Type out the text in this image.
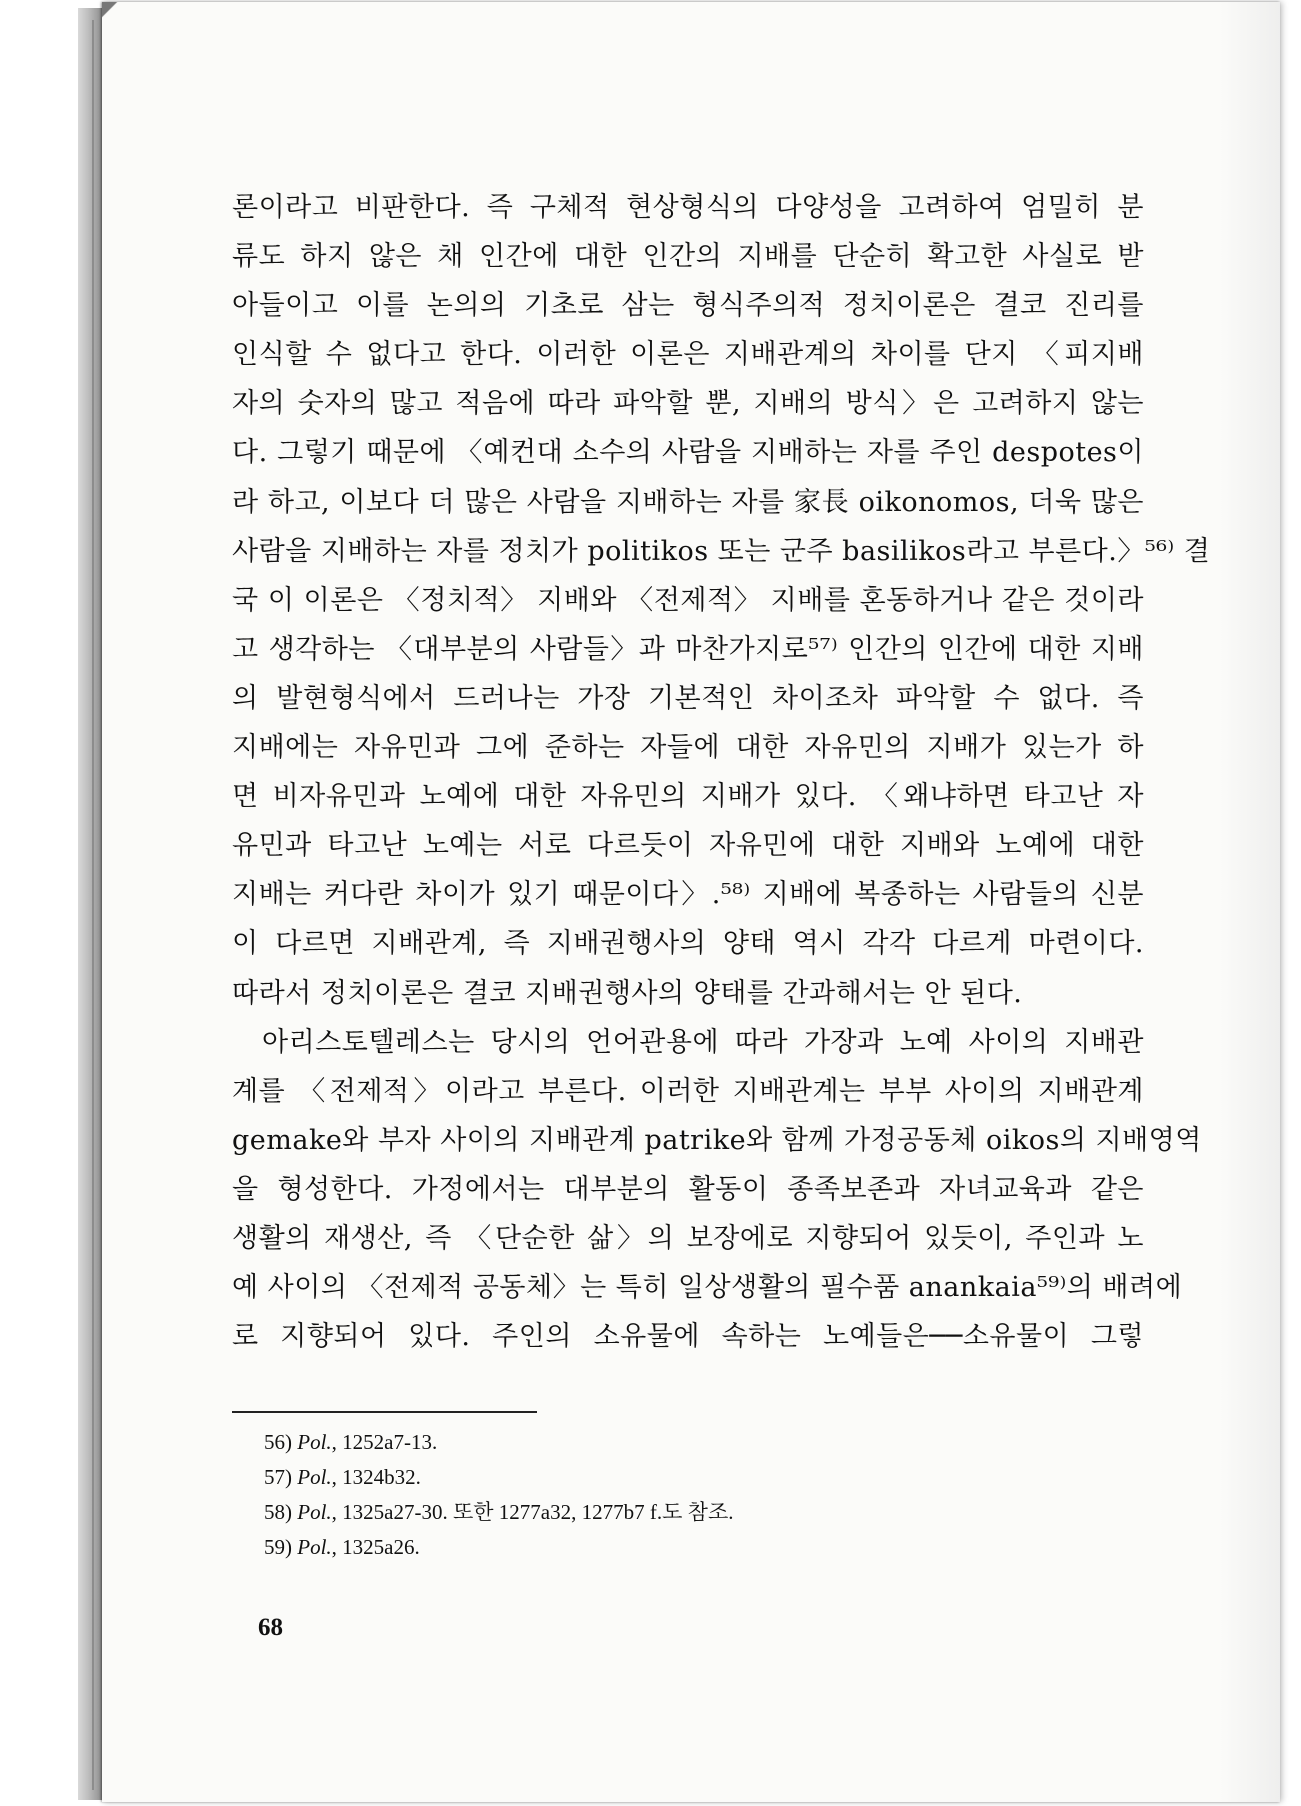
론이라고 비판한다. 즉 구체적 현상형식의 다양성을 고려하여 엄밀히 분
류도 하지 않은 채 인간에 대한 인간의 지배를 단순히 확고한 사실로 받
아들이고 이를 논의의 기초로 삼는 형식주의적 정치이론은 결코 진리를
인식할 수 없다고 한다. 이러한 이론은 지배관계의 차이를 단지 〈피지배
자의 숫자의 많고 적음에 따라 파악할 뿐, 지배의 방식〉은 고려하지 않는
다. 그렇기 때문에 〈예컨대 소수의 사람을 지배하는 자를 주인 despotes이
라 하고, 이보다 더 많은 사람을 지배하는 자를 家長 oikonomos, 더욱 많은
사람을 지배하는 자를 정치가 politikos 또는 군주 basilikos라고 부른다.〉⁵⁶⁾ 결
국 이 이론은 〈정치적〉 지배와 〈전제적〉 지배를 혼동하거나 같은 것이라
고 생각하는 〈대부분의 사람들〉과 마찬가지로⁵⁷⁾ 인간의 인간에 대한 지배
의 발현형식에서 드러나는 가장 기본적인 차이조차 파악할 수 없다. 즉
지배에는 자유민과 그에 준하는 자들에 대한 자유민의 지배가 있는가 하
면 비자유민과 노예에 대한 자유민의 지배가 있다. 〈왜냐하면 타고난 자
유민과 타고난 노예는 서로 다르듯이 자유민에 대한 지배와 노예에 대한
지배는 커다란 차이가 있기 때문이다〉.⁵⁸⁾ 지배에 복종하는 사람들의 신분
이 다르면 지배관계, 즉 지배권행사의 양태 역시 각각 다르게 마련이다.
따라서 정치이론은 결코 지배권행사의 양태를 간과해서는 안 된다.
아리스토텔레스는 당시의 언어관용에 따라 가장과 노예 사이의 지배관
계를 〈전제적〉이라고 부른다. 이러한 지배관계는 부부 사이의 지배관계
gemake와 부자 사이의 지배관계 patrike와 함께 가정공동체 oikos의 지배영역
을 형성한다. 가정에서는 대부분의 활동이 종족보존과 자녀교육과 같은
생활의 재생산, 즉 〈단순한 삶〉의 보장에로 지향되어 있듯이, 주인과 노
예 사이의 〈전제적 공동체〉는 특히 일상생활의 필수품 anankaia⁵⁹⁾의 배려에
로 지향되어 있다. 주인의 소유물에 속하는 노예들은──소유물이 그렇
56) Pol., 1252a7-13.
57) Pol., 1324b32.
58) Pol., 1325a27-30. 또한 1277a32, 1277b7 f.도 참조.
59) Pol., 1325a26.
68
